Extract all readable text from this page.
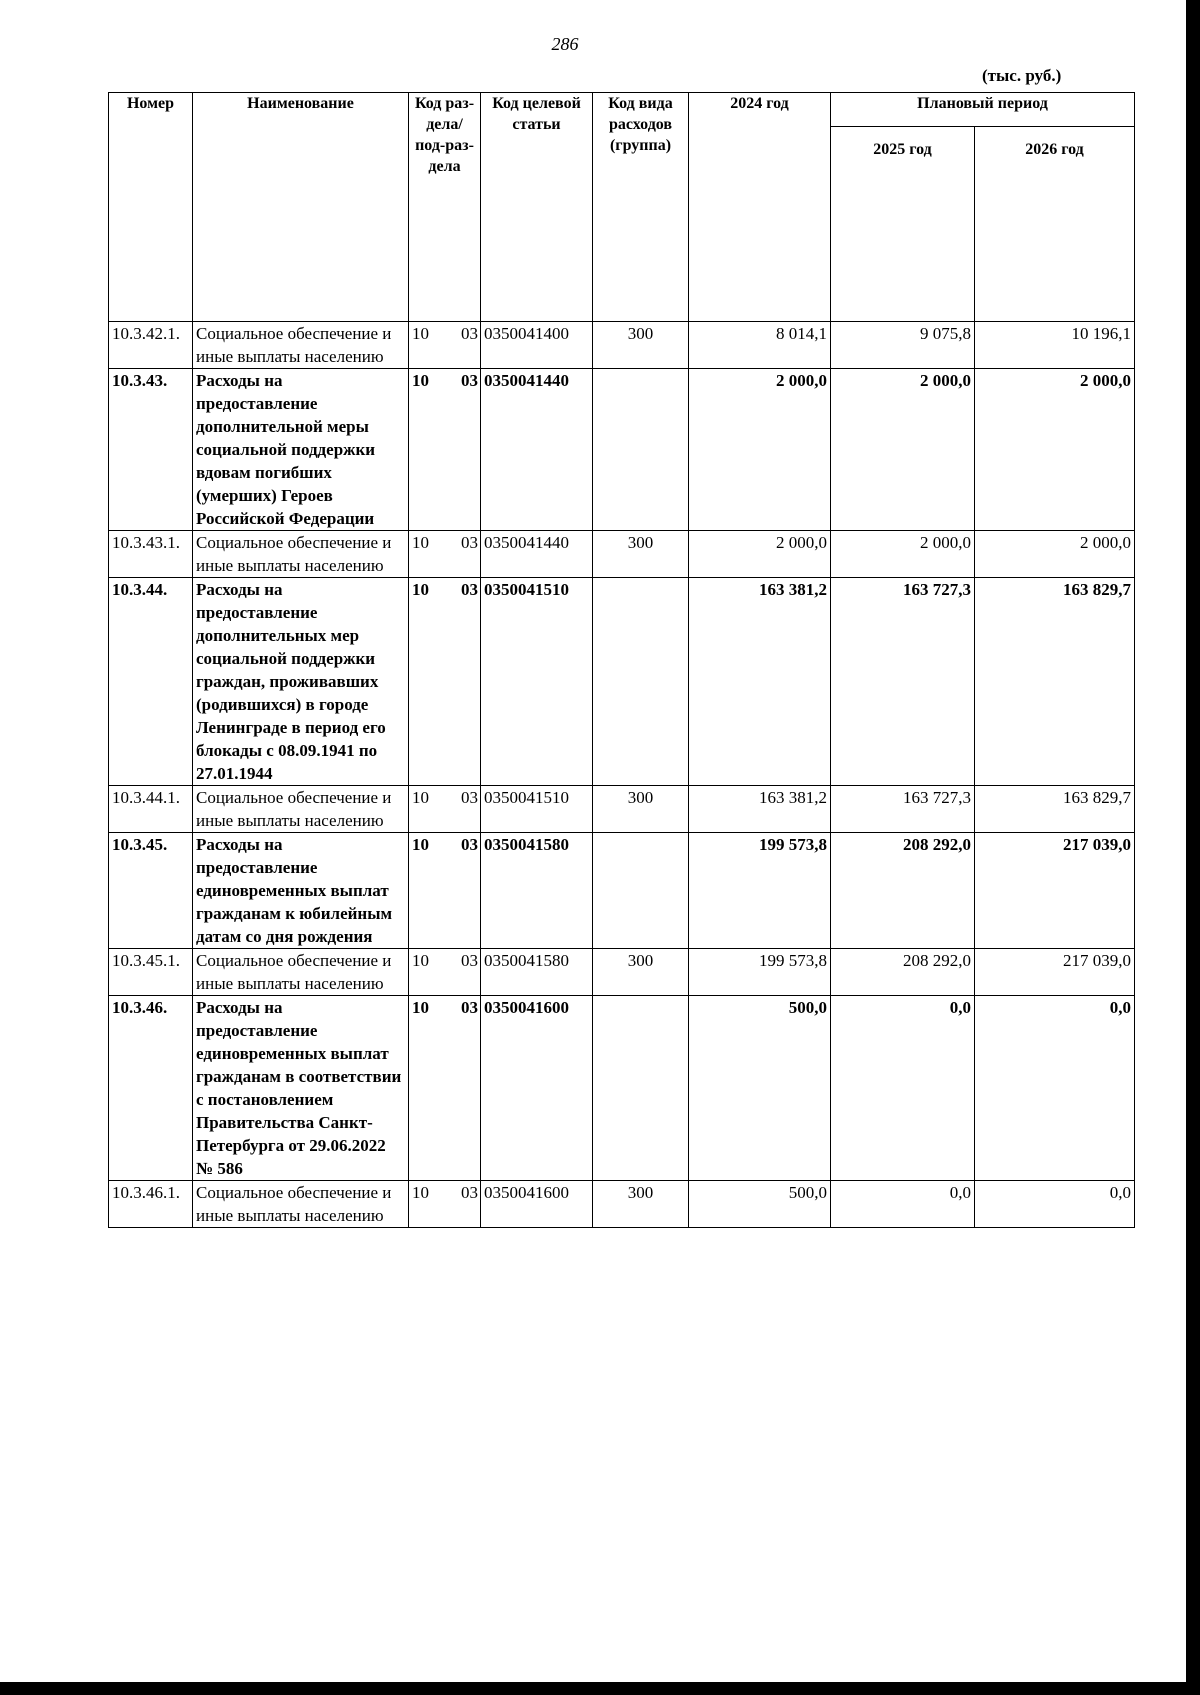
286
(тыс. руб.)
Номер	Наименование	Код раз-дела/ под-раз-дела	Код целевой статьи	Код вида расходов (группа)	2024 год	Плановый период	
						2025 год	2026 год
10.3.42.1.	Социальное обеспечение и иные выплаты населению	10 03	0350041400	300	8 014,1	9 075,8	10 196,1
10.3.43.	Расходы на предоставление дополнительной меры социальной поддержки вдовам погибших (умерших) Героев Российской Федерации	10 03	0350041440		2 000,0	2 000,0	2 000,0
10.3.43.1.	Социальное обеспечение и иные выплаты населению	10 03	0350041440	300	2 000,0	2 000,0	2 000,0
10.3.44.	Расходы на предоставление дополнительных мер социальной поддержки граждан, проживавших (родившихся) в городе Ленинграде в период его блокады с 08.09.1941 по 27.01.1944	10 03	0350041510		163 381,2	163 727,3	163 829,7
10.3.44.1.	Социальное обеспечение и иные выплаты населению	10 03	0350041510	300	163 381,2	163 727,3	163 829,7
10.3.45.	Расходы на предоставление единовременных выплат гражданам к юбилейным датам со дня рождения	10 03	0350041580		199 573,8	208 292,0	217 039,0
10.3.45.1.	Социальное обеспечение и иные выплаты населению	10 03	0350041580	300	199 573,8	208 292,0	217 039,0
10.3.46.	Расходы на предоставление единовременных выплат гражданам в соответствии с постановлением Правительства Санкт-Петербурга от 29.06.2022 № 586	10 03	0350041600		500,0	0,0	0,0
10.3.46.1.	Социальное обеспечение и иные выплаты населению	10 03	0350041600	300	500,0	0,0	0,0
